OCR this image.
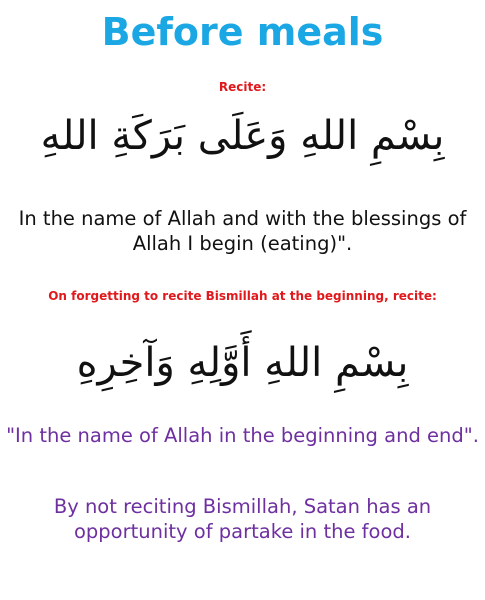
Before meals
Recite:
بِسْمِ اللهِ وَعَلَى بَرَكَةِ اللهِ
In the name of Allah and with the blessings of Allah I begin (eating)".
On forgetting to recite Bismillah at the beginning, recite:
بِسْمِ اللهِ أَوَّلِهِ وَآخِرِهِ
"In the name of Allah in the beginning and end".
By not reciting Bismillah, Satan has an opportunity of partake in the food.
